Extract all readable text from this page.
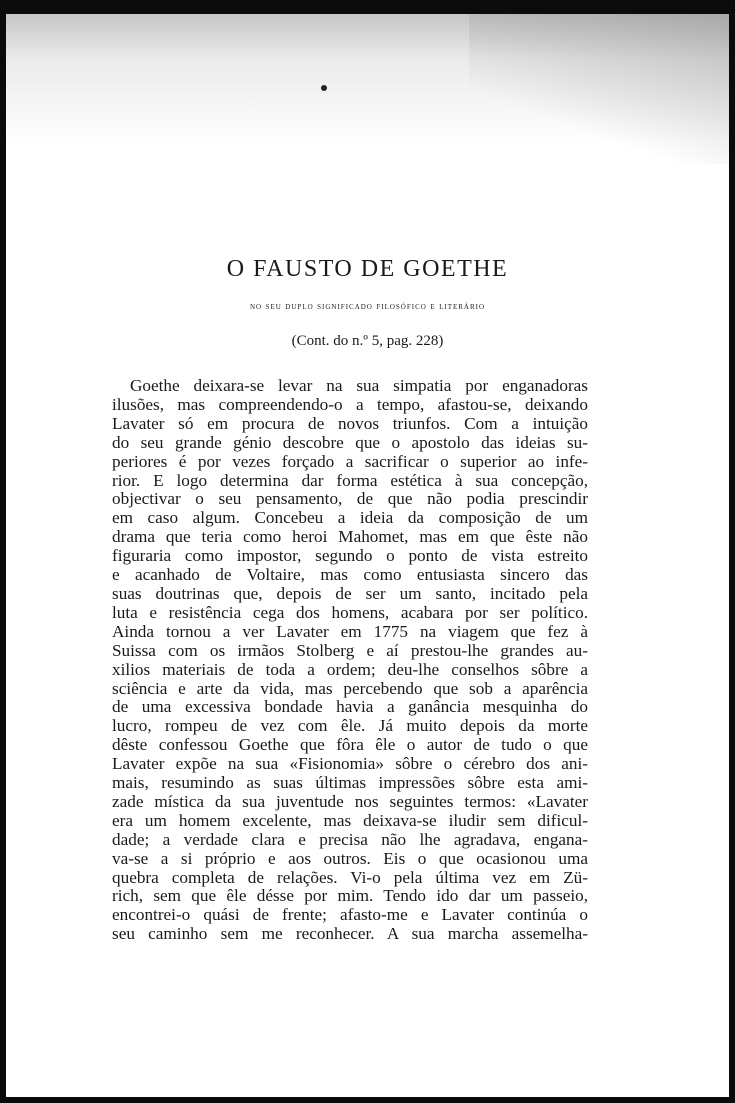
O FAUSTO DE GOETHE

no seu duplo significado filosófico e literário

(Cont. do n.º 5, pag. 228)

Goethe deixara-se levar na sua simpatia por enganadoras
ilusões, mas compreendendo-o a tempo, afastou-se, deixando
Lavater só em procura de novos triunfos. Com a intuição
do seu grande génio descobre que o apostolo das ideias su-
periores é por vezes forçado a sacrificar o superior ao infe-
rior. E logo determina dar forma estética à sua concepção,
objectivar o seu pensamento, de que não podia prescindir
em caso algum. Concebeu a ideia da composição de um
drama que teria como heroi Mahomet, mas em que êste não
figuraria como impostor, segundo o ponto de vista estreito
e acanhado de Voltaire, mas como entusiasta sincero das
suas doutrinas que, depois de ser um santo, incitado pela
luta e resistência cega dos homens, acabara por ser político.
Ainda tornou a ver Lavater em 1775 na viagem que fez à
Suissa com os irmãos Stolberg e aí prestou-lhe grandes au-
xilios materiais de toda a ordem; deu-lhe conselhos sôbre a
sciência e arte da vida, mas percebendo que sob a aparência
de uma excessiva bondade havia a ganância mesquinha do
lucro, rompeu de vez com êle. Já muito depois da morte
dêste confessou Goethe que fôra êle o autor de tudo o que
Lavater expõe na sua «Fisionomia» sôbre o cérebro dos ani-
mais, resumindo as suas últimas impressões sôbre esta ami-
zade mística da sua juventude nos seguintes termos: «Lavater
era um homem excelente, mas deixava-se iludir sem dificul-
dade; a verdade clara e precisa não lhe agradava, engana-
va-se a si próprio e aos outros. Eis o que ocasionou uma
quebra completa de relações. Vi-o pela última vez em Zü-
rich, sem que êle désse por mim. Tendo ido dar um passeio,
encontrei-o quási de frente; afasto-me e Lavater continúa o
seu caminho sem me reconhecer. A sua marcha assemelha-
